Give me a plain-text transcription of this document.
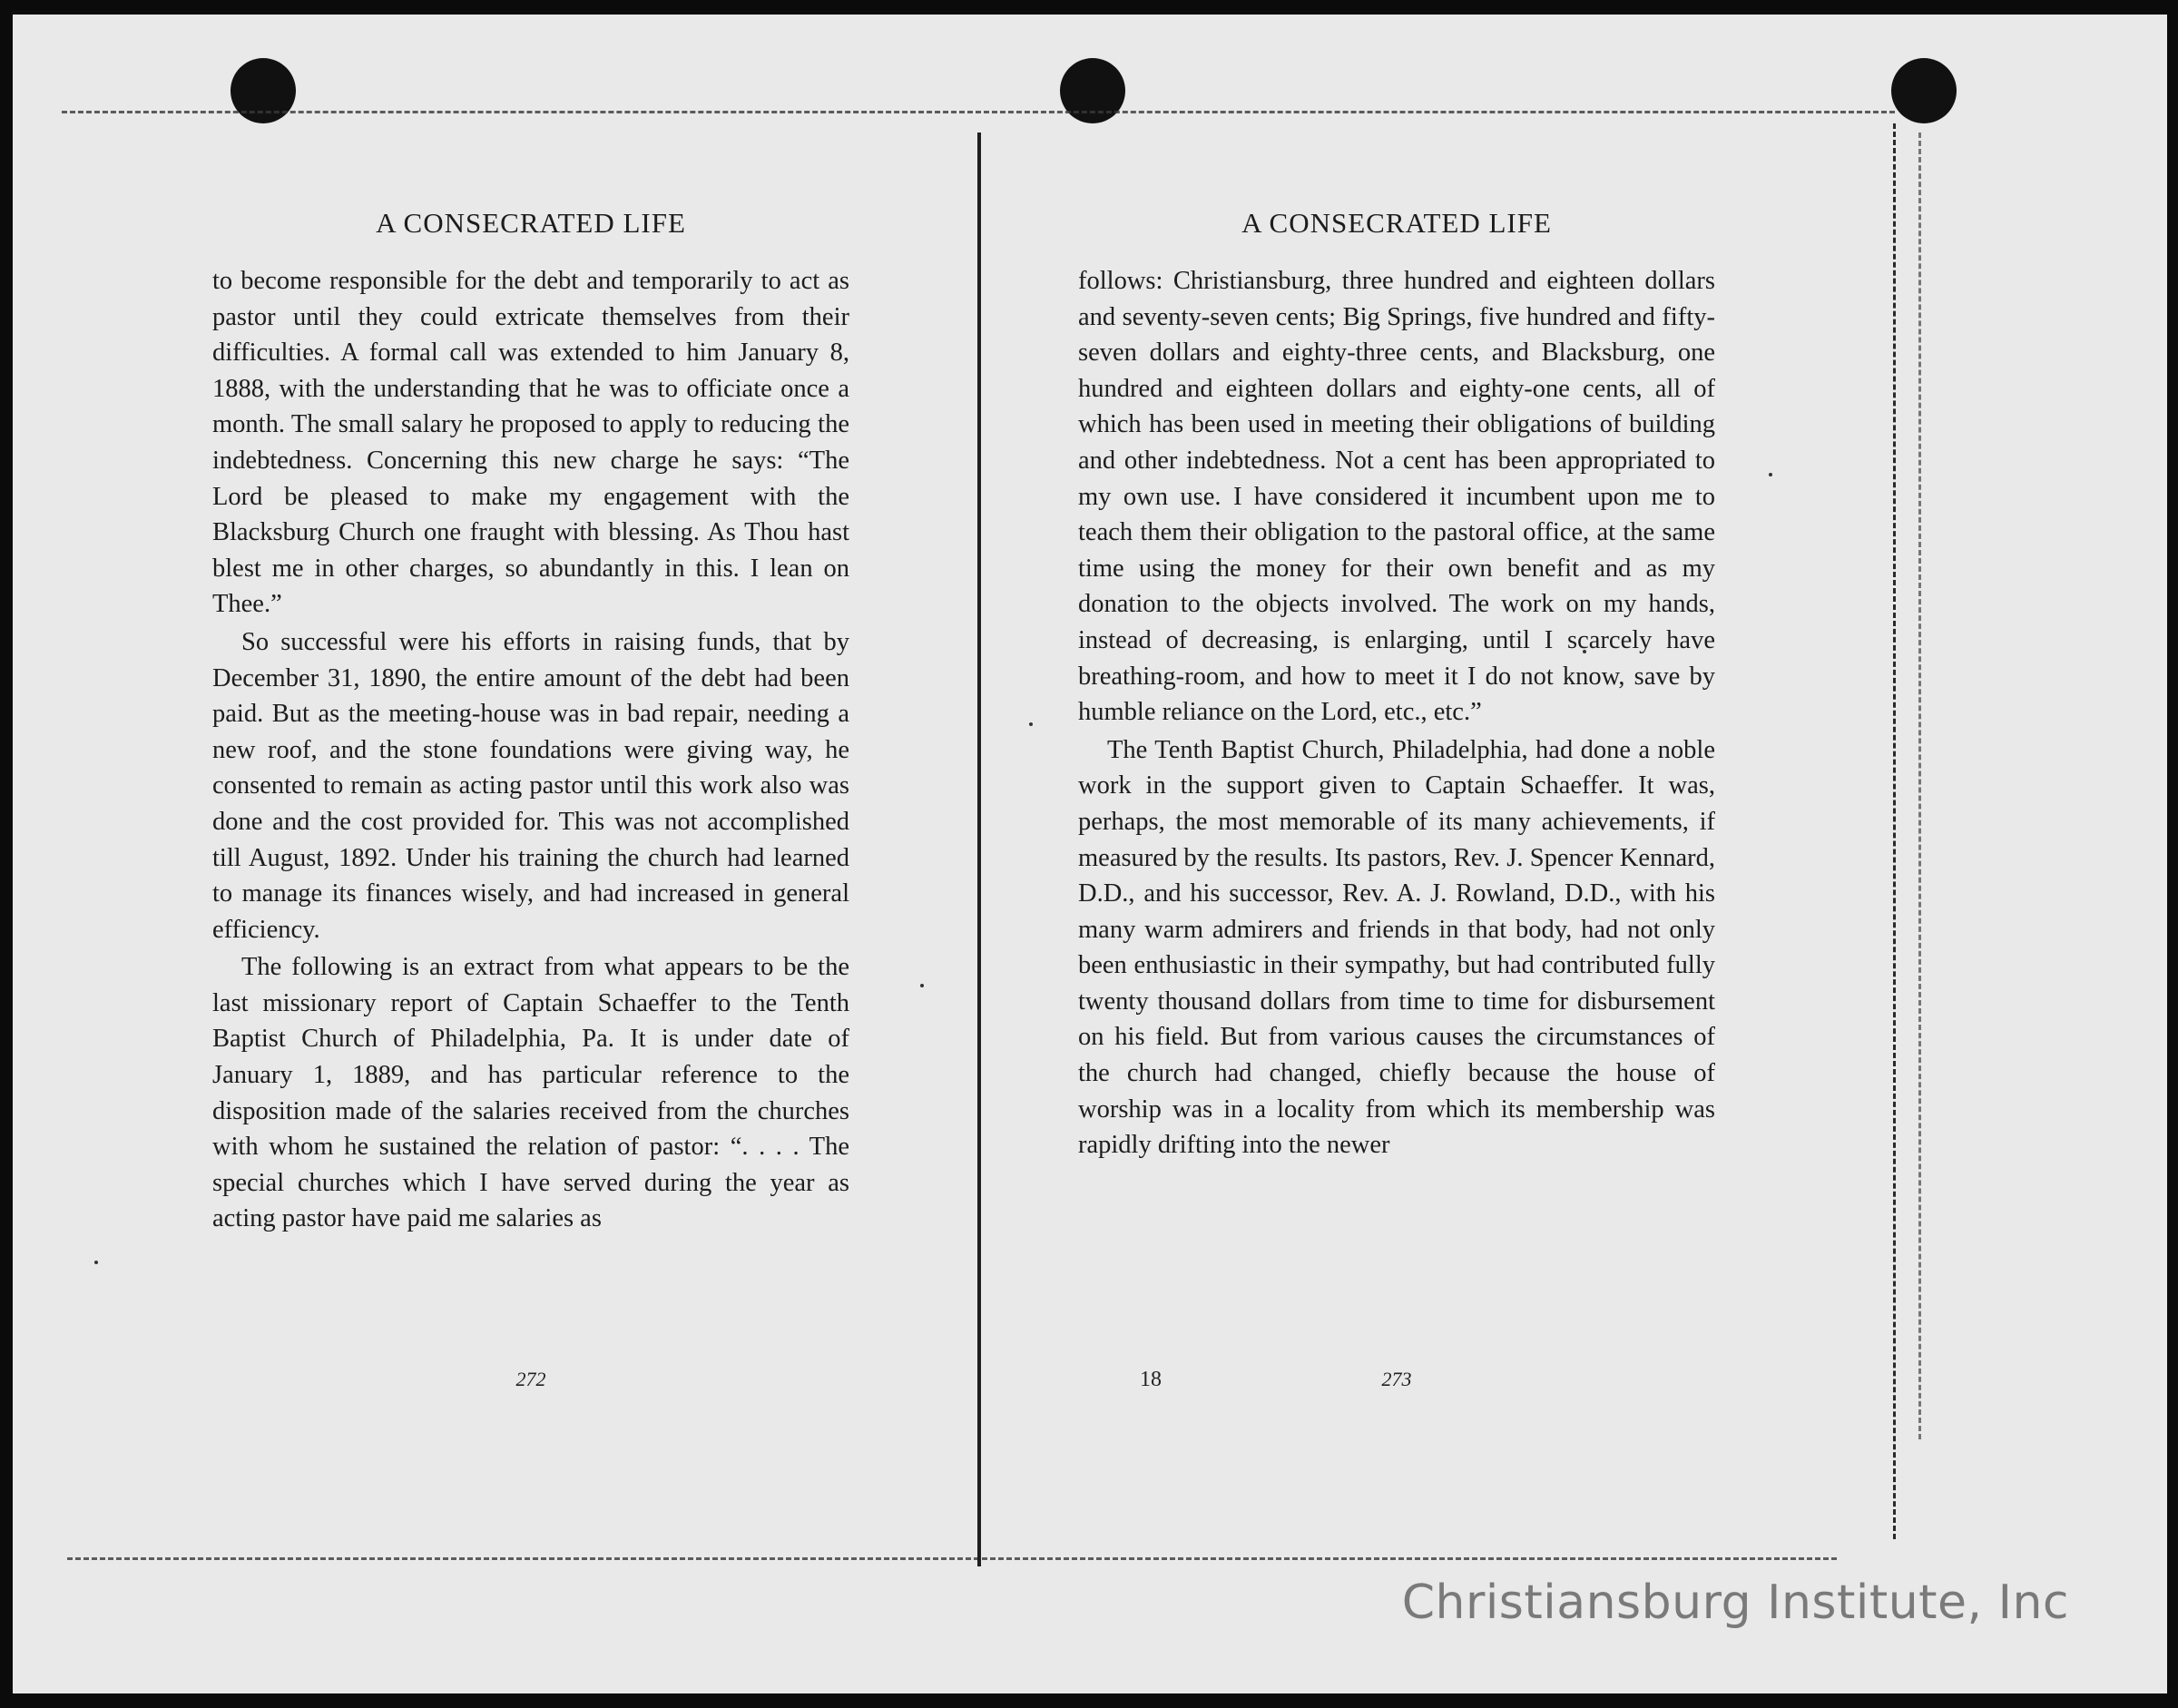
A CONSECRATED LIFE

to become responsible for the debt and temporarily to act as pastor until they could extricate themselves from their difficulties. A formal call was extended to him January 8, 1888, with the understanding that he was to officiate once a month. The small salary he proposed to apply to reducing the indebtedness. Concerning this new charge he says: “The Lord be pleased to make my engagement with the Blacksburg Church one fraught with blessing. As Thou hast blest me in other charges, so abundantly in this. I lean on Thee.”

So successful were his efforts in raising funds, that by December 31, 1890, the entire amount of the debt had been paid. But as the meeting-house was in bad repair, needing a new roof, and the stone foundations were giving way, he consented to remain as acting pastor until this work also was done and the cost provided for. This was not accomplished till August, 1892. Under his training the church had learned to manage its finances wisely, and had increased in general efficiency.

The following is an extract from what appears to be the last missionary report of Captain Schaeffer to the Tenth Baptist Church of Philadelphia, Pa. It is under date of January 1, 1889, and has particular reference to the disposition made of the salaries received from the churches with whom he sustained the relation of pastor: “. . . . The special churches which I have served during the year as acting pastor have paid me salaries as

272
A CONSECRATED LIFE

follows: Christiansburg, three hundred and eighteen dollars and seventy-seven cents; Big Springs, five hundred and fifty-seven dollars and eighty-three cents, and Blacksburg, one hundred and eighteen dollars and eighty-one cents, all of which has been used in meeting their obligations of building and other indebtedness. Not a cent has been appropriated to my own use. I have considered it incumbent upon me to teach them their obligation to the pastoral office, at the same time using the money for their own benefit and as my donation to the objects involved. The work on my hands, instead of decreasing, is enlarging, until I scarcely have breathing-room, and how to meet it I do not know, save by humble reliance on the Lord, etc., etc.”

The Tenth Baptist Church, Philadelphia, had done a noble work in the support given to Captain Schaeffer. It was, perhaps, the most memorable of its many achievements, if measured by the results. Its pastors, Rev. J. Spencer Kennard, D.D., and his successor, Rev. A. J. Rowland, D.D., with his many warm admirers and friends in that body, had not only been enthusiastic in their sympathy, but had contributed fully twenty thousand dollars from time to time for disbursement on his field. But from various causes the circumstances of the church had changed, chiefly because the house of worship was in a locality from which its membership was rapidly drifting into the newer

18	273
Christiansburg Institute, Inc
